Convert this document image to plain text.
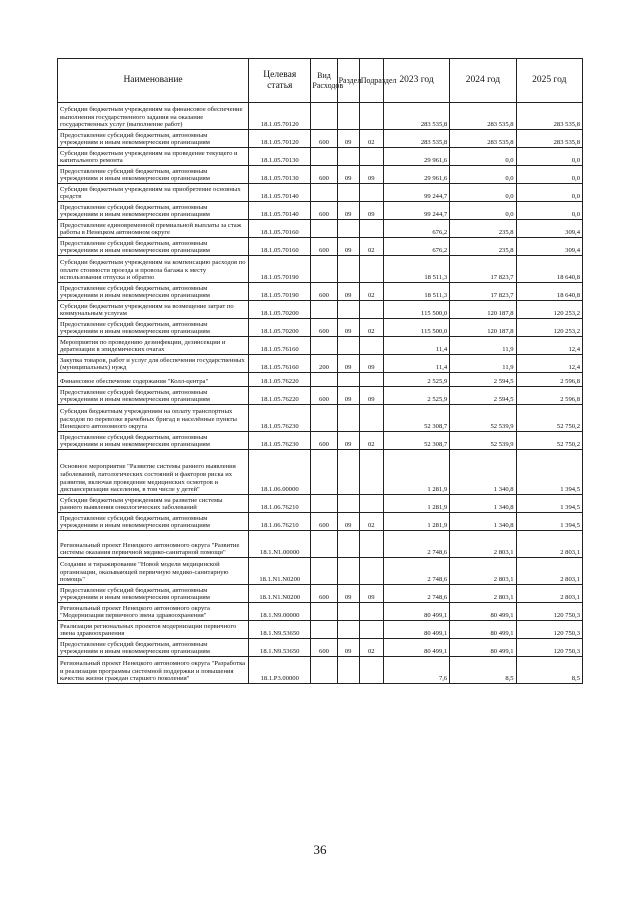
Наименование	Целевая статья	Вид Расходов	Раздел	Подраздел	2023 год	2024 год	2025 год
Субсидии бюджетным учреждениям на финансовое обеспечение выполнения государственного задания на оказание государственных услуг (выполнение работ)	18.1.05.70120				283 535,8	283 535,8	283 535,8
Предоставление субсидий бюджетным, автономным учреждениям и иным некоммерческим организациям	18.1.05.70120	600	09	02	283 535,8	283 535,8	283 535,8
Субсидии бюджетным учреждениям на проведение текущего и капитального ремонта	18.1.05.70130				29 961,6	0,0	0,0
Предоставление субсидий бюджетным, автономным учреждениям и иным некоммерческим организациям	18.1.05.70130	600	09	09	29 961,6	0,0	0,0
Субсидии бюджетным учреждениям на приобретение основных средств	18.1.05.70140				99 244,7	0,0	0,0
Предоставление субсидий бюджетным, автономным учреждениям и иным некоммерческим организациям	18.1.05.70140	600	09	09	99 244,7	0,0	0,0
Предоставление единовременной премиальной выплаты за стаж работы в Ненецком автономном округе	18.1.05.70160				676,2	235,8	309,4
Предоставление субсидий бюджетным, автономным учреждениям и иным некоммерческим организациям	18.1.05.70160	600	09	02	676,2	235,8	309,4
Субсидии бюджетным учреждениям на компенсацию расходов по оплате стоимости проезда и провоза багажа к месту использования отпуска и обратно	18.1.05.70190				18 511,3	17 823,7	18 640,8
Предоставление субсидий бюджетным, автономным учреждениям и иным некоммерческим организациям	18.1.05.70190	600	09	02	18 511,3	17 823,7	18 640,8
Субсидии бюджетным учреждениям на возмещение затрат по коммунальным услугам	18.1.05.70200				115 500,0	120 187,8	120 253,2
Предоставление субсидий бюджетным, автономным учреждениям и иным некоммерческим организациям	18.1.05.70200	600	09	02	115 500,0	120 187,8	120 253,2
Мероприятия по проведению дезинфекции, дезинсекции и дератизации в эпидемических очагах	18.1.05.76160				11,4	11,9	12,4
Закупка товаров, работ и услуг для обеспечения государственных (муниципальных) нужд	18.1.05.76160	200	09	09	11,4	11,9	12,4
Финансовое обеспечение содержания "Колл-центра"	18.1.05.76220				2 525,9	2 594,5	2 596,8
Предоставление субсидий бюджетным, автономным учреждениям и иным некоммерческим организациям	18.1.05.76220	600	09	09	2 525,9	2 594,5	2 596,8
Субсидия бюджетным учреждениям на оплату транспортных расходов по перевозке врачебных бригад в населённые пункты Ненецкого автономного округа	18.1.05.76230				52 308,7	52 539,9	52 750,2
Предоставление субсидий бюджетным, автономным учреждениям и иным некоммерческим организациям	18.1.05.76230	600	09	02	52 308,7	52 539,9	52 750,2
Основное мероприятие "Развитие системы раннего выявления заболеваний, патологических состояний и факторов риска их развития, включая проведение медицинских осмотров и диспансеризации населения, в том числе у детей"	18.1.06.00000				1 281,9	1 340,8	1 394,5
Субсидии бюджетным учреждениям на развитие системы раннего выявления онкологических заболеваний	18.1.06.76210				1 281,9	1 340,8	1 394,5
Предоставление субсидий бюджетным, автономным учреждениям и иным некоммерческим организациям	18.1.06.76210	600	09	02	1 281,9	1 340,8	1 394,5
Региональный проект Ненецкого автономного округа "Развитие системы оказания первичной медико-санитарной помощи"	18.1.N1.00000				2 748,6	2 803,1	2 803,1
Создание и тиражирование "Новой модели медицинской организации, оказывающей первичную медико-санитарную помощь"	18.1.N1.N0200				2 748,6	2 803,1	2 803,1
Предоставление субсидий бюджетным, автономным учреждениям и иным некоммерческим организациям	18.1.N1.N0200	600	09	09	2 748,6	2 803,1	2 803,1
Региональный проект Ненецкого автономного округа "Модернизация первичного звена здравоохранения"	18.1.N9.00000				80 499,1	80 499,1	120 750,3
Реализация региональных проектов модернизации первичного звена здравоохранения	18.1.N9.53650				80 499,1	80 499,1	120 750,3
Предоставление субсидий бюджетным, автономным учреждениям и иным некоммерческим организациям	18.1.N9.53650	600	09	02	80 499,1	80 499,1	120 750,3
Региональный проект Ненецкого автономного округа "Разработка и реализация программы системной поддержки и повышения качества жизни граждан старшего поколения"	18.1.P3.00000				7,6	8,5	8,5
36
